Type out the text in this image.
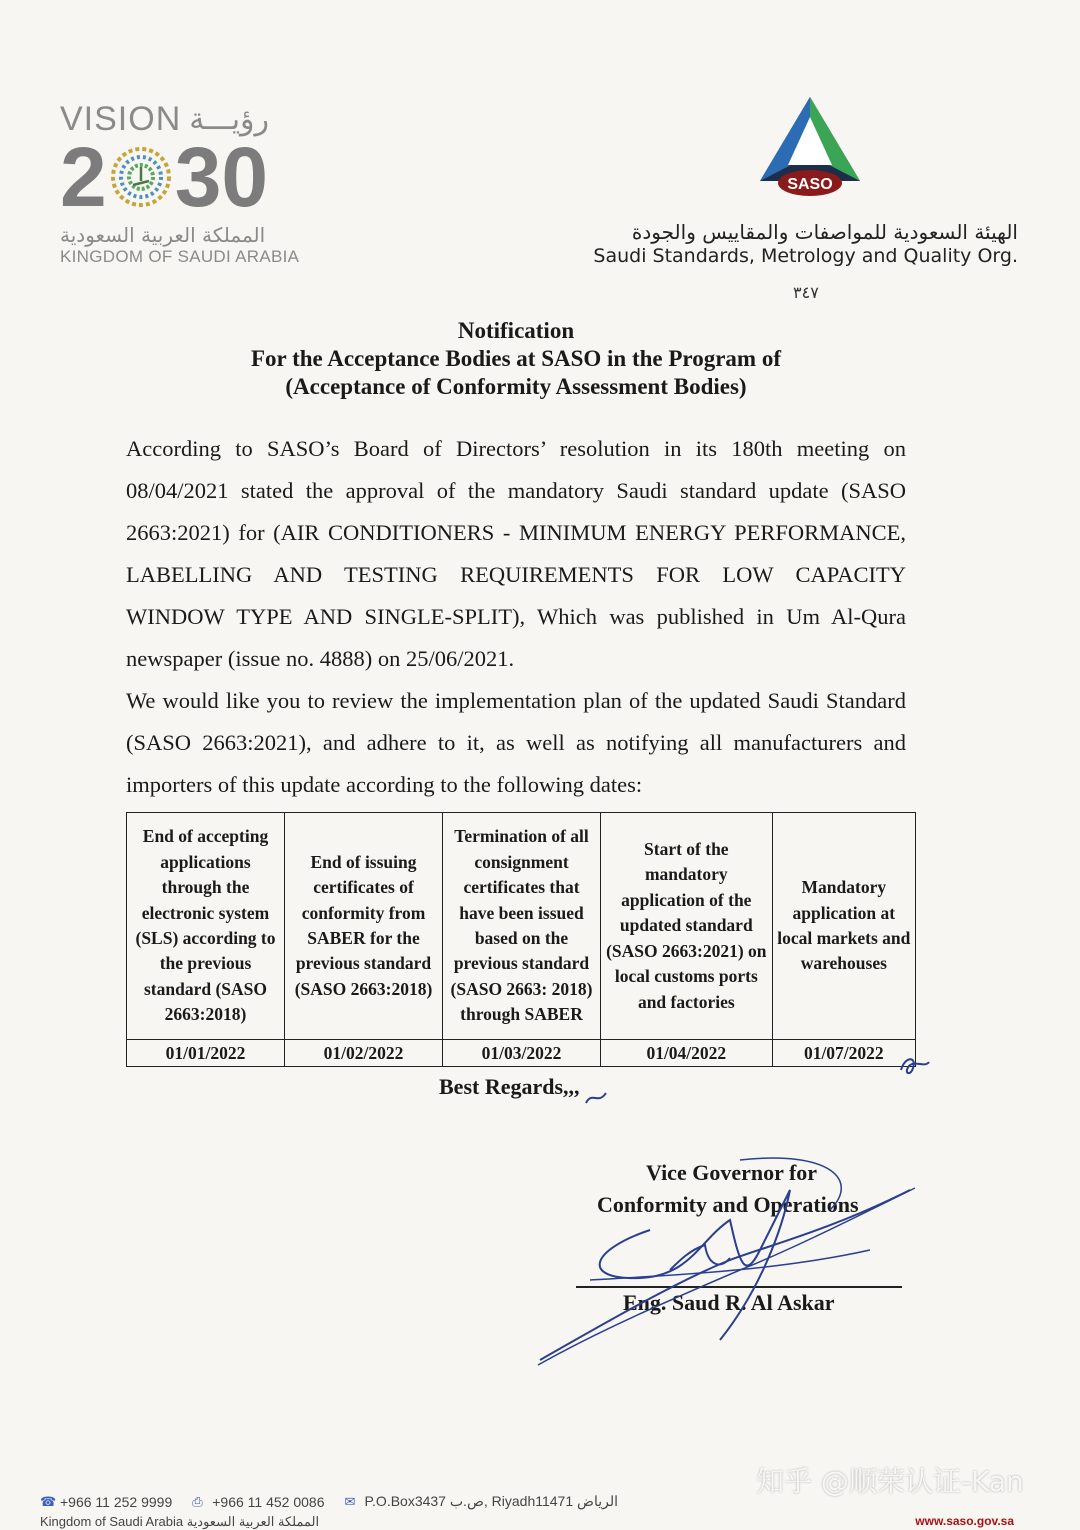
VISION رؤيـــة
2 30
المملكة العربية السعودية
KINGDOM OF SAUDI ARABIA
SASO
الهيئة السعودية للمواصفات والمقاييس والجودة
Saudi Standards, Metrology and Quality Org.
٣٤٧
Notification
For the Acceptance Bodies at SASO in the Program of
(Acceptance of Conformity Assessment Bodies)
According to SASO’s Board of Directors’ resolution in its 180th meeting on 08/04/2021 stated the approval of the mandatory Saudi standard update (SASO 2663:2021) for (AIR CONDITIONERS - MINIMUM ENERGY PERFORMANCE, LABELLING AND TESTING REQUIREMENTS FOR LOW CAPACITY WINDOW TYPE AND SINGLE-SPLIT), Which was published in Um Al-Qura newspaper (issue no. 4888) on 25/06/2021.
We would like you to review the implementation plan of the updated Saudi Standard (SASO 2663:2021), and adhere to it, as well as notifying all manufacturers and importers of this update according to the following dates:
End of accepting applications through the electronic system (SLS) according to the previous standard (SASO 2663:2018)	End of issuing certificates of conformity from SABER for the previous standard (SASO 2663:2018)	Termination of all consignment certificates that have been issued based on the previous standard (SASO 2663: 2018) through SABER	Start of the mandatory application of the updated standard (SASO 2663:2021) on local customs ports and factories	Mandatory application at local markets and warehouses
01/01/2022	01/02/2022	01/03/2022	01/04/2022	01/07/2022
Best Regards,,,
Vice Governor for
Conformity and Operations
Eng. Saud R. Al Askar
☎ +966 11 252 9999 ⎙ +966 11 452 0086 ✉ P.O.Box3437 ص.ب, Riyadh11471 الرياض
Kingdom of Saudi Arabia المملكة العربية السعودية	www.saso.gov.sa
知乎 @顺荣认证-Kan
